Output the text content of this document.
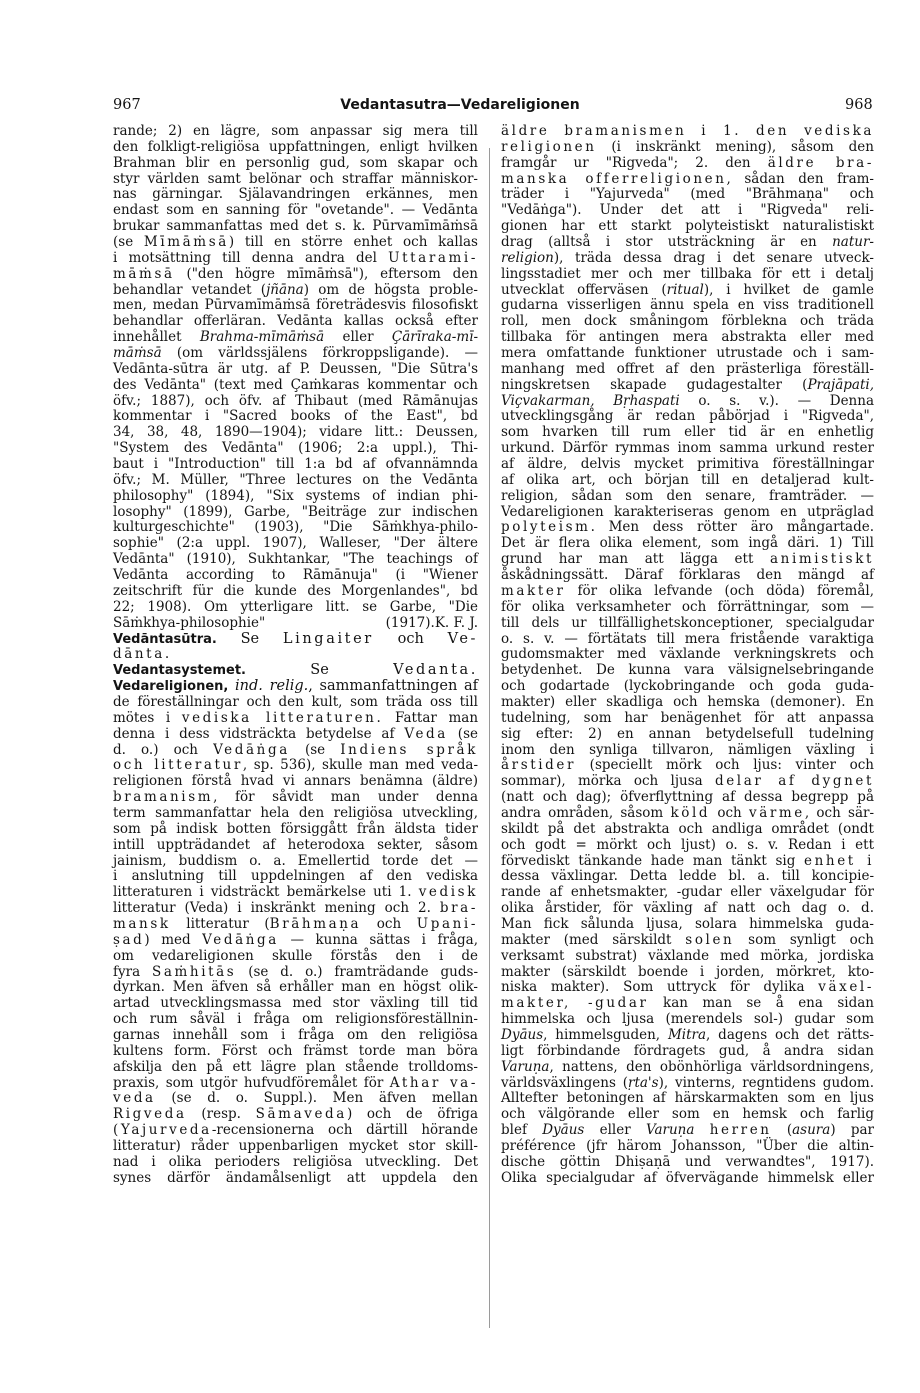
967	Vedantasutra—Vedareligionen	968
rande; 2) en lägre, som anpassar sig mera till
den folkligt-religiösa uppfattningen, enligt hvilken
Brahman blir en personlig gud, som skapar och
styr världen samt belönar och straffar människor-
nas gärningar. Själavandringen erkännes, men
endast som en sanning för "ovetande". — Vedānta
brukar sammanfattas med det s. k. Pūrvamīmāṁsā
(se Mīmāṁsā) till en större enhet och kallas
i motsättning till denna andra del Uttarami-
māṁsā ("den högre mīmāṁsā"), eftersom den
behandlar vetandet (jñāna) om de högsta proble-
men, medan Pūrvamīmāṁsā företrädesvis filosofiskt
behandlar offerläran. Vedānta kallas också efter
innehållet Brahma-mīmāṁsā eller Çārīraka-mī-
māṁsā (om världssjälens förkroppsligande). —
Vedānta-sūtra är utg. af P. Deussen, "Die Sūtra's
des Vedānta" (text med Çaṁkaras kommentar och
öfv.; 1887), och öfv. af Thibaut (med Rāmānujas
kommentar i "Sacred books of the East", bd
34, 38, 48, 1890—1904); vidare litt.: Deussen,
"System des Vedānta" (1906; 2:a uppl.), Thi-
baut i "Introduction" till 1:a bd af ofvannämnda
öfv.; M. Müller, "Three lectures on the Vedānta
philosophy" (1894), "Six systems of indian phi-
losophy" (1899), Garbe, "Beiträge zur indischen
kulturgeschichte" (1903), "Die Sāṁkhya-philo-
sophie" (2:a uppl. 1907), Walleser, "Der ältere
Vedānta" (1910), Sukhtankar, "The teachings of
Vedānta according to Rāmānuja" (i "Wiener
zeitschrift für die kunde des Morgenlandes", bd
22; 1908). Om ytterligare litt. se Garbe, "Die
Sāṁkhya-philosophie" (1917). K. F. J.
Vedāntasūtra. Se Lingaiter och Ve-
dānta.
Vedantasystemet. Se Vedanta.
Vedareligionen, ind. relig., sammanfattningen af
de föreställningar och den kult, som träda oss till
mötes i vediska litteraturen. Fattar man
denna i dess vidsträckta betydelse af Veda (se
d. o.) och Vedāṅga (se Indiens språk
och litteratur, sp. 536), skulle man med veda-
religionen förstå hvad vi annars benämna (äldre)
bramanism, för såvidt man under denna
term sammanfattar hela den religiösa utveckling,
som på indisk botten försiggått från äldsta tider
intill uppträdandet af heterodoxa sekter, såsom
jainism, buddism o. a. Emellertid torde det —
i anslutning till uppdelningen af den vediska
litteraturen i vidsträckt bemärkelse uti 1. vedisk
litteratur (Veda) i inskränkt mening och 2. bra-
mansk litteratur (Brāhmaṇa och Upani-
ṣad) med Vedāṅga — kunna sättas i fråga,
om vedareligionen skulle förstås den i de
fyra Saṁhitās (se d. o.) framträdande guds-
dyrkan. Men äfven så erhåller man en högst olik-
artad utvecklingsmassa med stor växling till tid
och rum såväl i fråga om religionsföreställnin-
garnas innehåll som i fråga om den religiösa
kultens form. Först och främst torde man böra
afskilja den på ett lägre plan stående trolldoms-
praxis, som utgör hufvudföremålet för Athar va-
veda (se d. o. Suppl.). Men äfven mellan
Rigveda (resp. Sāmaveda) och de öfriga
(Yajurveda-recensionerna och därtill hörande
litteratur) råder uppenbarligen mycket stor skill-
nad i olika perioders religiösa utveckling. Det
synes därför ändamålsenligt att uppdela den
äldre bramanismen i 1. den vediska
religionen (i inskränkt mening), såsom den
framgår ur "Rigveda"; 2. den äldre bra-
manska offerreligionen, sådan den fram-
träder i "Yajurveda" (med "Brāhmaṇa" och
"Vedāṅga"). Under det att i "Rigveda" reli-
gionen har ett starkt polyteistiskt naturalistiskt
drag (alltså i stor utsträckning är en natur-
religion), träda dessa drag i det senare utveck-
lingsstadiet mer och mer tillbaka för ett i detalj
utvecklat offerväsen (ritual), i hvilket de gamle
gudarna visserligen ännu spela en viss traditionell
roll, men dock småningom förblekna och träda
tillbaka för antingen mera abstrakta eller med
mera omfattande funktioner utrustade och i sam-
manhang med offret af den prästerliga föreställ-
ningskretsen skapade gudagestalter (Prajāpati,
Viçvakarman, Bṛhaspati o. s. v.). — Denna
utvecklingsgång är redan påbörjad i "Rigveda",
som hvarken till rum eller tid är en enhetlig
urkund. Därför rymmas inom samma urkund rester
af äldre, delvis mycket primitiva föreställningar
af olika art, och början till en detaljerad kult-
religion, sådan som den senare, framträder. —
Vedareligionen karakteriseras genom en utpräglad
polyteism. Men dess rötter äro mångartade.
Det är flera olika element, som ingå däri. 1) Till
grund har man att lägga ett animistiskt
åskådningssätt. Däraf förklaras den mängd af
makter för olika lefvande (och döda) föremål,
för olika verksamheter och förrättningar, som —
till dels ur tillfällighetskonceptioner, specialgudar
o. s. v. — förtätats till mera fristående varaktiga
gudomsmakter med växlande verkningskrets och
betydenhet. De kunna vara välsignelsebringande
och godartade (lyckobringande och goda guda-
makter) eller skadliga och hemska (demoner). En
tudelning, som har benägenhet för att anpassa
sig efter: 2) en annan betydelsefull tudelning
inom den synliga tillvaron, nämligen växling i
årstider (speciellt mörk och ljus: vinter och
sommar), mörka och ljusa delar af dygnet
(natt och dag); öfverflyttning af dessa begrepp på
andra områden, såsom köld och värme, och sär-
skildt på det abstrakta och andliga området (ondt
och godt = mörkt och ljust) o. s. v. Redan i ett
förvediskt tänkande hade man tänkt sig enhet i
dessa växlingar. Detta ledde bl. a. till koncipie-
rande af enhetsmakter, -gudar eller växelgudar för
olika årstider, för växling af natt och dag o. d.
Man fick sålunda ljusa, solara himmelska guda-
makter (med särskildt solen som synligt och
verksamt substrat) växlande med mörka, jordiska
makter (särskildt boende i jorden, mörkret, kto-
niska makter). Som uttryck för dylika växel-
makter, -gudar kan man se å ena sidan
himmelska och ljusa (merendels sol-) gudar som
Dyāus, himmelsguden, Mitra, dagens och det rätts-
ligt förbindande fördragets gud, å andra sidan
Varuṇa, nattens, den obönhörliga världsordningens,
världsväxlingens (ṛta's), vinterns, regntidens gudom.
Alltefter betoningen af härskarmakten som en ljus
och välgörande eller som en hemsk och farlig
blef Dyāus eller Varuṇa herren (asura) par
préférence (jfr härom Johansson, "Über die altin-
dische göttin Dhiṣaṇā und verwandtes", 1917).
Olika specialgudar af öfvervägande himmelsk eller
